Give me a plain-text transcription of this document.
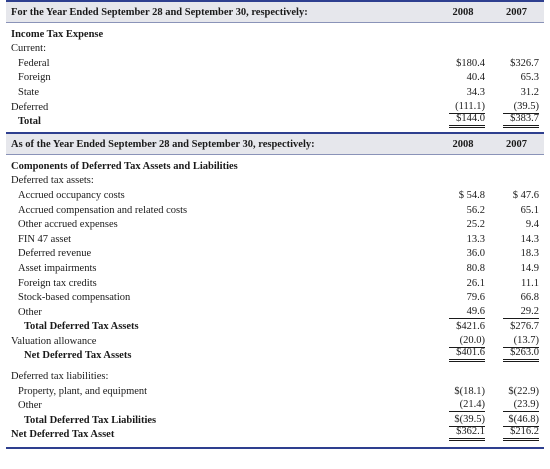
For the Year Ended September 28 and September 30, respectively:	2008	2007
Income Tax Expense
Current:
Federal	$180.4 $326.7
Foreign	40.4	65.3
State	34.3	31.2
Deferred	(111.1)	(39.5)
Total	$144.0	$383.7
As of the Year Ended September 28 and September 30, respectively:	2008	2007
Components of Deferred Tax Assets and Liabilities
Deferred tax assets:
Accrued occupancy costs	$ 54.8	$ 47.6
Accrued compensation and related costs	56.2	65.1
Other accrued expenses	25.2	9.4
FIN 47 asset	13.3	14.3
Deferred revenue	36.0	18.3
Asset impairments	80.8	14.9
Foreign tax credits	26.1	11.1
Stock-based compensation	79.6	66.8
Other	49.6	29.2
Total Deferred Tax Assets	$421.6	$276.7
Valuation allowance	(20.0)	(13.7)
Net Deferred Tax Assets	$401.6	$263.0
Deferred tax liabilities:
Property, plant, and equipment	$(18.1) $(22.9)
Other	(21.4)	(23.9)
Total Deferred Tax Liabilities	$(39.5)	$(46.8)
Net Deferred Tax Asset	$362.1	$216.2
